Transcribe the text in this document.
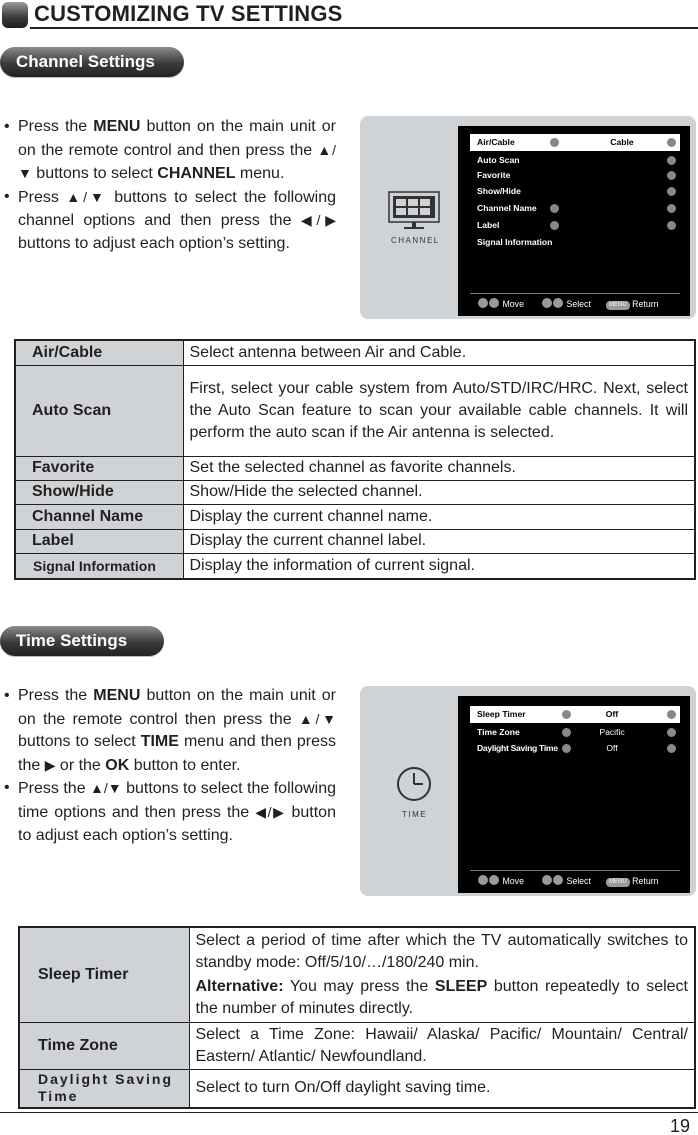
CUSTOMIZING TV SETTINGS
Channel Settings
• Press the MENU button on the main unit or on the remote control and then press the ▲/▼ buttons to select CHANNEL menu.
• Press ▲/▼ buttons to select the following channel options and then press the ◀/▶ buttons to adjust each option’s setting.	CHANNEL
Air/Cable	Cable
Auto Scan
Favorite
Show/Hide
Channel Name
Label
Signal Information
Move	Select	MENU Return
Air/Cable	Select antenna between Air and Cable.
Auto Scan	First, select your cable system from Auto/STD/IRC/HRC. Next, select the Auto Scan feature to scan your available cable channels. It will perform the auto scan if the Air antenna is selected.
Favorite	Set the selected channel as favorite channels.
Show/Hide	Show/Hide the selected channel.
Channel Name	Display the current channel name.
Label	Display the current channel label.
Signal Information	Display the information of current signal.
Time Settings
• Press the MENU button on the main unit or on the remote control then press the ▲/▼ buttons to select TIME menu and then press the ▶ or the OK button to enter.
• Press the ▲/▼ buttons to select the following time options and then press the ◀/▶ button to adjust each option’s setting.
TIME
Sleep Timer	Off
Time Zone	Pacific
Daylight Saving Time	Off
Move	Select	MENU Return
Sleep Timer	Select a period of time after which the TV automatically switches to standby mode: Off/5/10/…/180/240 min.
Alternative: You may press the SLEEP button repeatedly to select the number of minutes directly.

Time Zone	Select a Time Zone: Hawaii/ Alaska/ Pacific/ Mountain/ Central/ Eastern/ Atlantic/ Newfoundland.
Daylight Saving Time	Select to turn On/Off daylight saving time.
19
